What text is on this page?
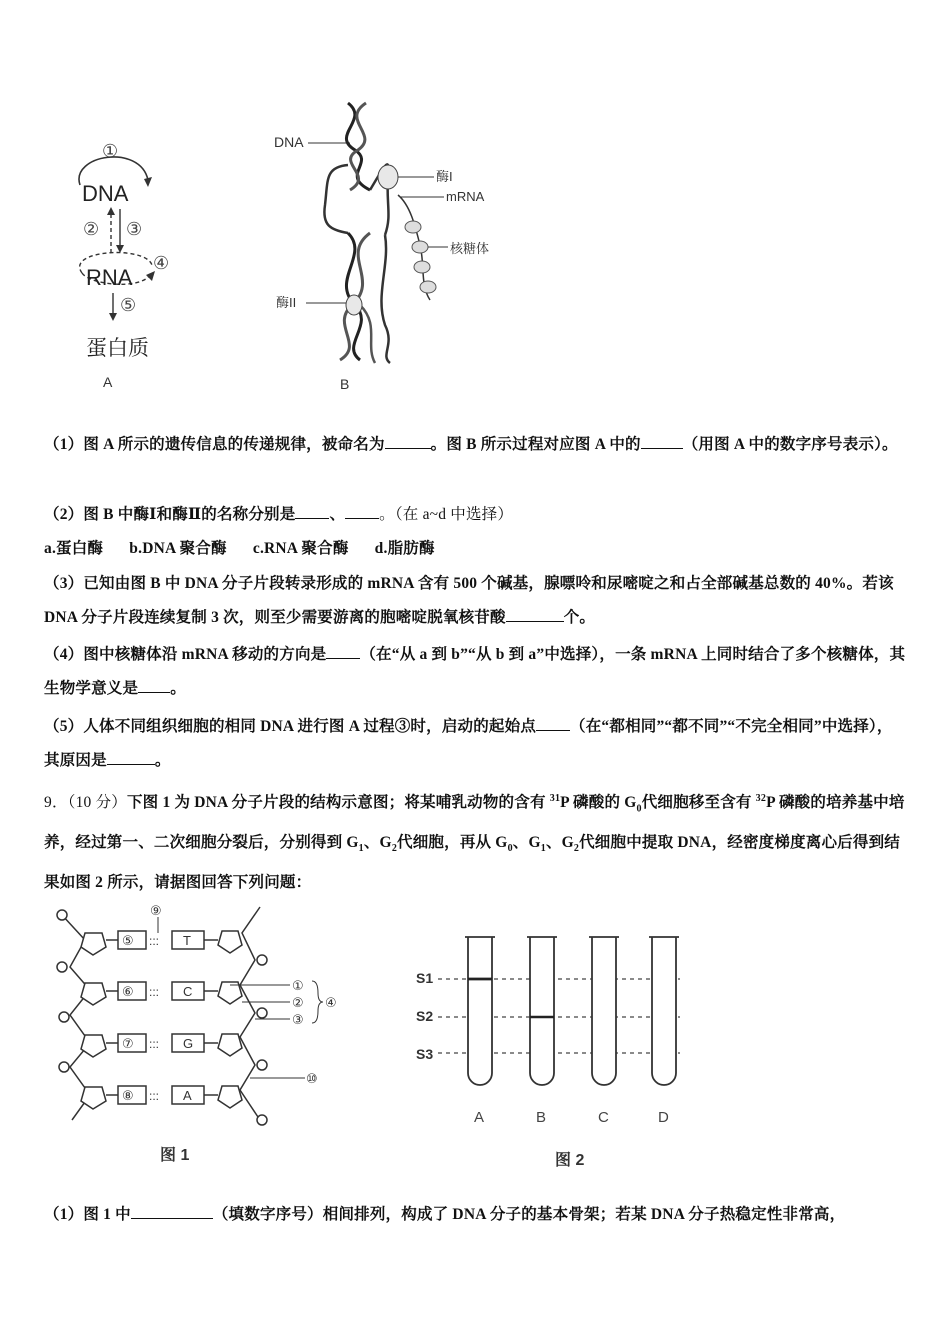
①
DNA
② ③
RNA
④
⑤
蛋白质
A
DNA
酶I
mRNA
核糖体
酶II
B
（1）图 A 所示的遗传信息的传递规律，被命名为	。图 B 所示过程对应图 A 中的	（用图 A 中的数字序号表示）。
（2）图 B 中酶Ⅰ和酶Ⅱ的名称分别是 、 。（在 a~d 中选择）
a.蛋白酶 b.DNA 聚合酶 c.RNA 聚合酶 d.脂肪酶
（3）已知由图 B 中 DNA 分子片段转录形成的 mRNA 含有 500 个碱基，腺嘌呤和尿嘧啶之和占全部碱基总数的 40%。若该 DNA 分子片段连续复制 3 次，则至少需要游离的胞嘧啶脱氧核苷酸	个。
（4）图中核糖体沿 mRNA 移动的方向是 （在“从 a 到 b”“从 b 到 a”中选择），一条 mRNA 上同时结合了多个核糖体，其生物学意义是 。
（5）人体不同组织细胞的相同 DNA 进行图 A 过程③时，启动的起始点 （在“都相同”“都不同”“不完全相同”中选择），其原因是	。
9．（10 分）下图 1 为 DNA 分子片段的结构示意图；将某哺乳动物的含有 $^{31}$P 磷酸的 $G_0$代细胞移至含有 $^{32}$P 磷酸的培养基中培养，经过第一、二次细胞分裂后，分别得到 $G_1$、$G_2$代细胞，再从 $G_0$、$G_1$、$G_2$代细胞中提取 DNA，经密度梯度离心后得到结果如图 2 所示，请据图回答下列问题：
⑤
⑥
⑦
⑧
:::
:::
:::
:::
⑨
T
C
G
A
①
②
③
④
⑩
图 1
S1
S2
S3
A	B	C	D
图 2
（1）图 1 中	（填数字序号）相间排列，构成了 DNA 分子的基本骨架；若某 DNA 分子热稳定性非常高，
